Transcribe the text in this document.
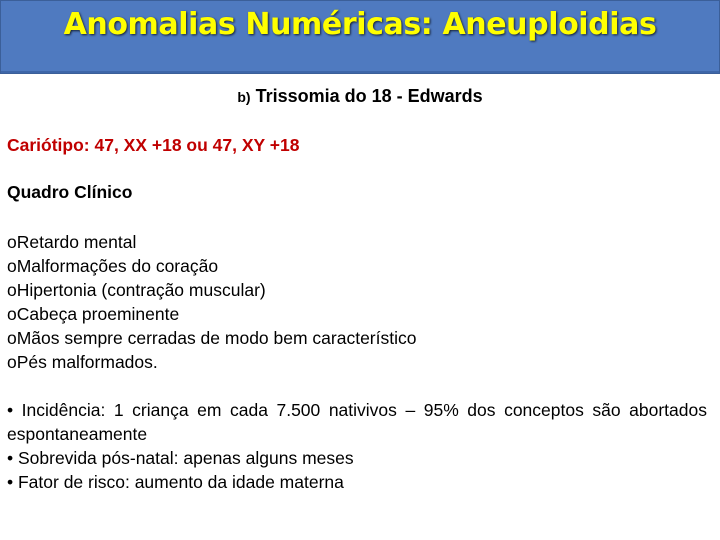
Anomalias Numéricas: Aneuploidias
b) Trissomia do 18 - Edwards
Cariótipo: 47, XX +18 ou 47, XY +18
Quadro Clínico
oRetardo mental
oMalformações do coração
oHipertonia (contração muscular)
oCabeça proeminente
oMãos sempre cerradas de modo bem característico
oPés malformados.
• Incidência: 1 criança em cada 7.500 nativivos – 95% dos conceptos são abortados espontaneamente
• Sobrevida pós-natal: apenas alguns meses
• Fator de risco: aumento da idade materna
